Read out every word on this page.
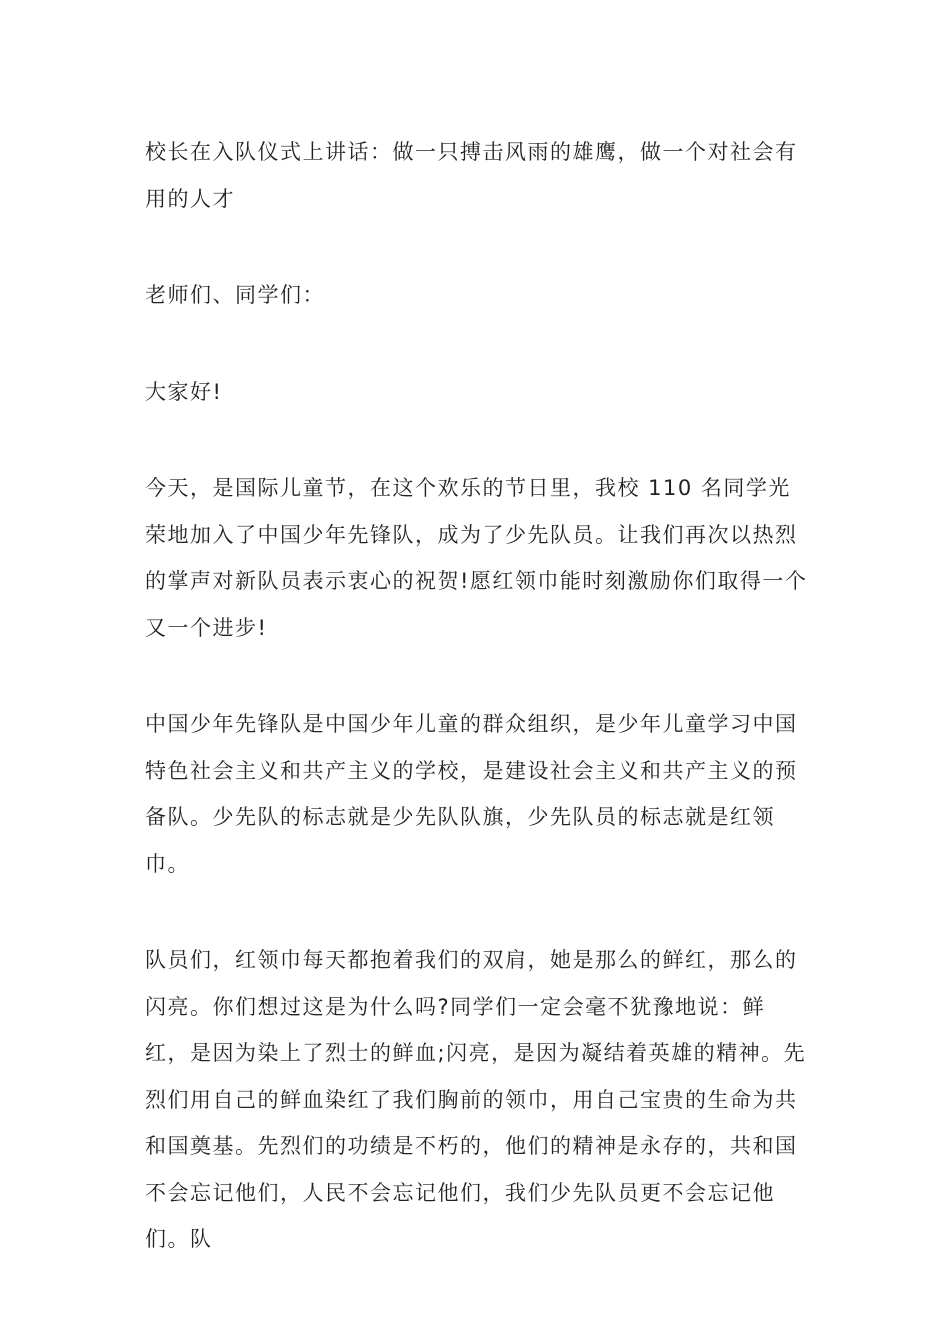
校长在入队仪式上讲话：做一只搏击风雨的雄鹰，做一个对社会有用的人才

老师们、同学们：

大家好!

今天，是国际儿童节，在这个欢乐的节日里，我校 110 名同学光荣地加入了中国少年先锋队，成为了少先队员。让我们再次以热烈的掌声对新队员表示衷心的祝贺!愿红领巾能时刻激励你们取得一个又一个进步!

中国少年先锋队是中国少年儿童的群众组织，是少年儿童学习中国特色社会主义和共产主义的学校，是建设社会主义和共产主义的预备队。少先队的标志就是少先队队旗，少先队员的标志就是红领巾。

队员们，红领巾每天都抱着我们的双肩，她是那么的鲜红，那么的闪亮。你们想过这是为什么吗?同学们一定会毫不犹豫地说：鲜红，是因为染上了烈士的鲜血;闪亮，是因为凝结着英雄的精神。先烈们用自己的鲜血染红了我们胸前的领巾，用自己宝贵的生命为共和国奠基。先烈们的功绩是不朽的，他们的精神是永存的，共和国不会忘记他们，人民不会忘记他们，我们少先队员更不会忘记他们。队
